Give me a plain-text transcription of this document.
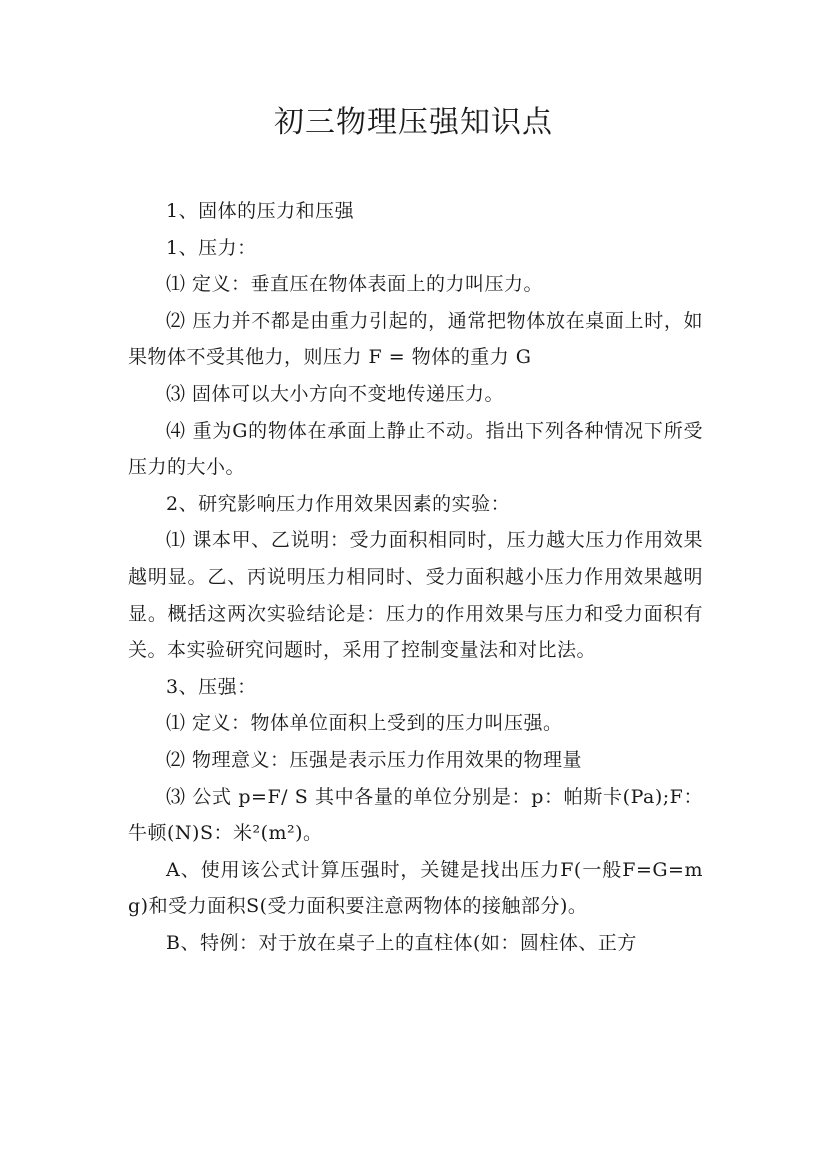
初三物理压强知识点

1、固体的压力和压强

1、压力：

⑴ 定义：垂直压在物体表面上的力叫压力。

⑵ 压力并不都是由重力引起的，通常把物体放在桌面上时，如果物体不受其他力，则压力 F = 物体的重力 G

⑶ 固体可以大小方向不变地传递压力。

⑷ 重为G的物体在承面上静止不动。指出下列各种情况下所受压力的大小。

2、研究影响压力作用效果因素的实验：

⑴ 课本甲、乙说明：受力面积相同时，压力越大压力作用效果越明显。乙、丙说明压力相同时、受力面积越小压力作用效果越明显。概括这两次实验结论是：压力的作用效果与压力和受力面积有关。本实验研究问题时，采用了控制变量法和对比法。

3、压强：

⑴ 定义：物体单位面积上受到的压力叫压强。

⑵ 物理意义：压强是表示压力作用效果的物理量

⑶ 公式 p=F/ S 其中各量的单位分别是：p：帕斯卡(Pa);F：牛顿(N)S：米²(m²)。

A、使用该公式计算压强时，关键是找出压力F(一般F=G=mg)和受力面积S(受力面积要注意两物体的接触部分)。

B、特例：对于放在桌子上的直柱体(如：圆柱体、正方
